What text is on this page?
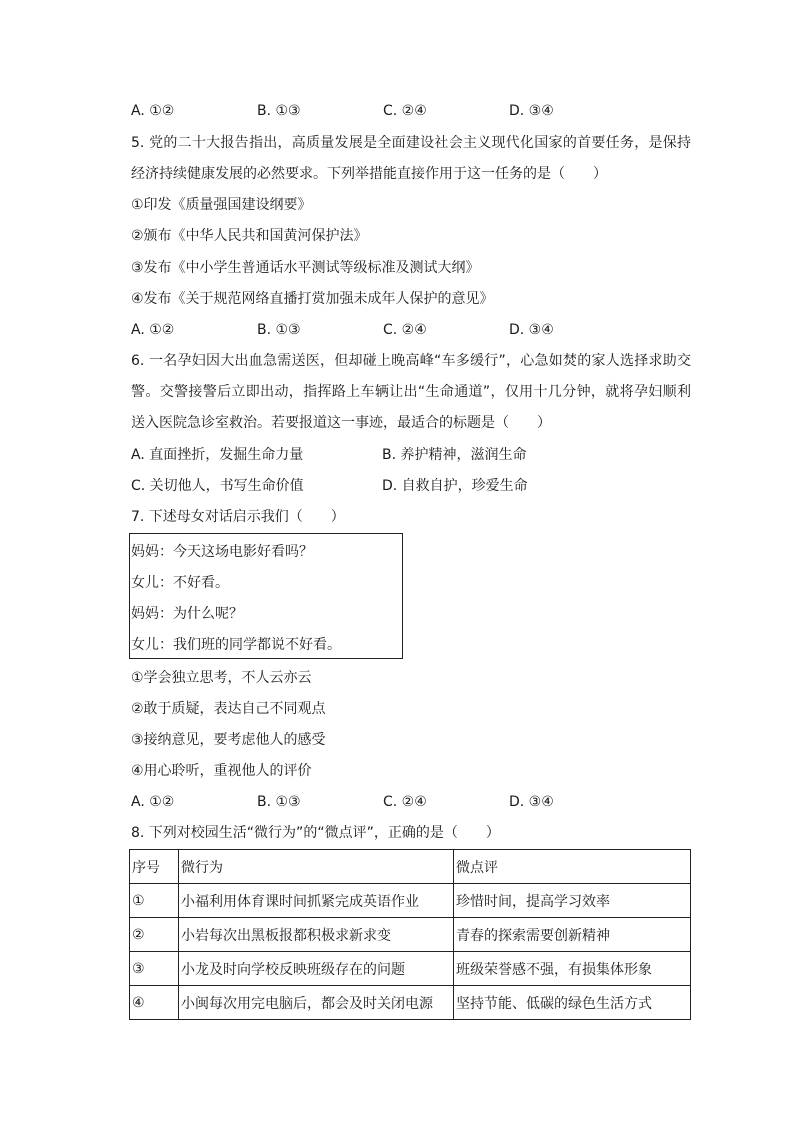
A. ①②	B. ①③	C. ②④	D. ③④
5. 党的二十大报告指出，高质量发展是全面建设社会主义现代化国家的首要任务，是保持经济持续健康发展的必然要求。下列举措能直接作用于这一任务的是（　　）
①印发《质量强国建设纲要》
②颁布《中华人民共和国黄河保护法》
③发布《中小学生普通话水平测试等级标准及测试大纲》
④发布《关于规范网络直播打赏加强未成年人保护的意见》
A. ①②	B. ①③	C. ②④	D. ③④
6. 一名孕妇因大出血急需送医，但却碰上晚高峰“车多缓行”，心急如焚的家人选择求助交警。交警接警后立即出动，指挥路上车辆让出“生命通道”，仅用十几分钟，就将孕妇顺利送入医院急诊室救治。若要报道这一事迹，最适合的标题是（　　）
A. 直面挫折，发掘生命力量	B. 养护精神，滋润生命
C. 关切他人，书写生命价值	D. 自救自护，珍爱生命
7. 下述母女对话启示我们（　　）
妈妈：今天这场电影好看吗？
女儿：不好看。
妈妈：为什么呢？
女儿：我们班的同学都说不好看。
①学会独立思考，不人云亦云
②敢于质疑，表达自己不同观点
③接纳意见，要考虑他人的感受
④用心聆听，重视他人的评价
A. ①②	B. ①③	C. ②④	D. ③④
8. 下列对校园生活“微行为”的“微点评”，正确的是（　　）
序号	微行为	微点评
①	小福利用体育课时间抓紧完成英语作业	珍惜时间，提高学习效率
②	小岩每次出黑板报都积极求新求变	青春的探索需要创新精神
③	小龙及时向学校反映班级存在的问题	班级荣誉感不强，有损集体形象
④	小闽每次用完电脑后，都会及时关闭电源	坚持节能、低碳的绿色生活方式
